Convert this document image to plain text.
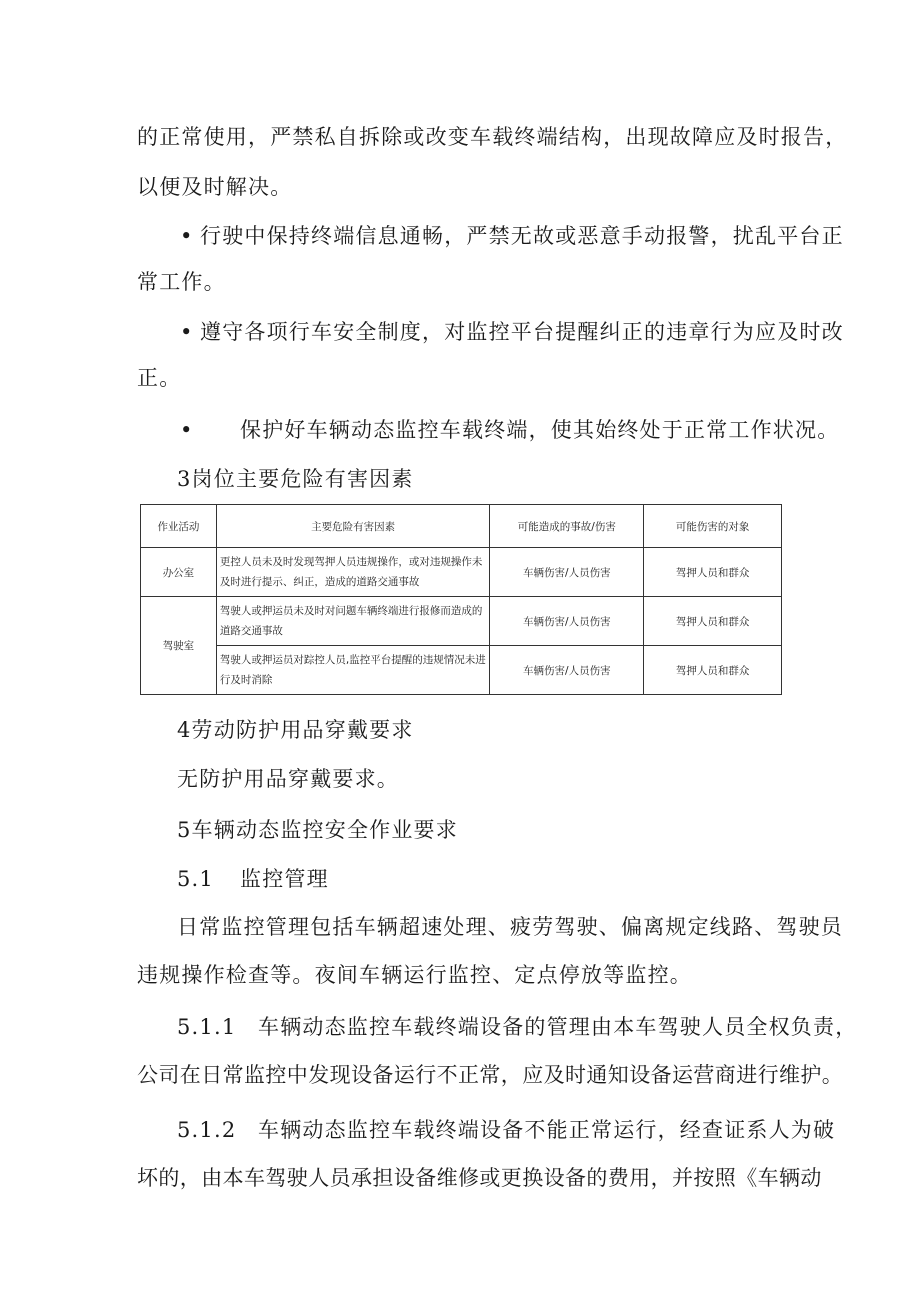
的正常使用，严禁私自拆除或改变车载终端结构，出现故障应及时报告，
以便及时解决。
• 行驶中保持终端信息通畅，严禁无故或恶意手动报警，扰乱平台正
常工作。
• 遵守各项行车安全制度，对监控平台提醒纠正的违章行为应及时改
正。
• 保护好车辆动态监控车载终端，使其始终处于正常工作状况。
3岗位主要危险有害因素
作业活动	主要危险有害因素	可能造成的事故/伤害	可能伤害的对象
办公室	更控人员未及时发现驾押人员违规操作，或对违规操作未及时进行提示、纠正，造成的道路交通事故	车辆伤害/人员伤害	驾押人员和群众
驾驶室	驾驶人或押运员未及时对问题车辆终端进行报修而造成的道路交通事故	车辆伤害/人员伤害	驾押人员和群众
	驾驶人或押运员对踪控人员,监控平台提醒的违规情况未进行及时消除	车辆伤害/人员伤害	驾押人员和群众
4劳动防护用品穿戴要求
无防护用品穿戴要求。
5车辆动态监控安全作业要求
5.1 监控管理
日常监控管理包括车辆超速处理、疲劳驾驶、偏离规定线路、驾驶员
违规操作检查等。夜间车辆运行监控、定点停放等监控。
5.1.1 车辆动态监控车载终端设备的管理由本车驾驶人员全权负责，
公司在日常监控中发现设备运行不正常，应及时通知设备运营商进行维护。
5.1.2 车辆动态监控车载终端设备不能正常运行，经查证系人为破
坏的，由本车驾驶人员承担设备维修或更换设备的费用，并按照《车辆动
